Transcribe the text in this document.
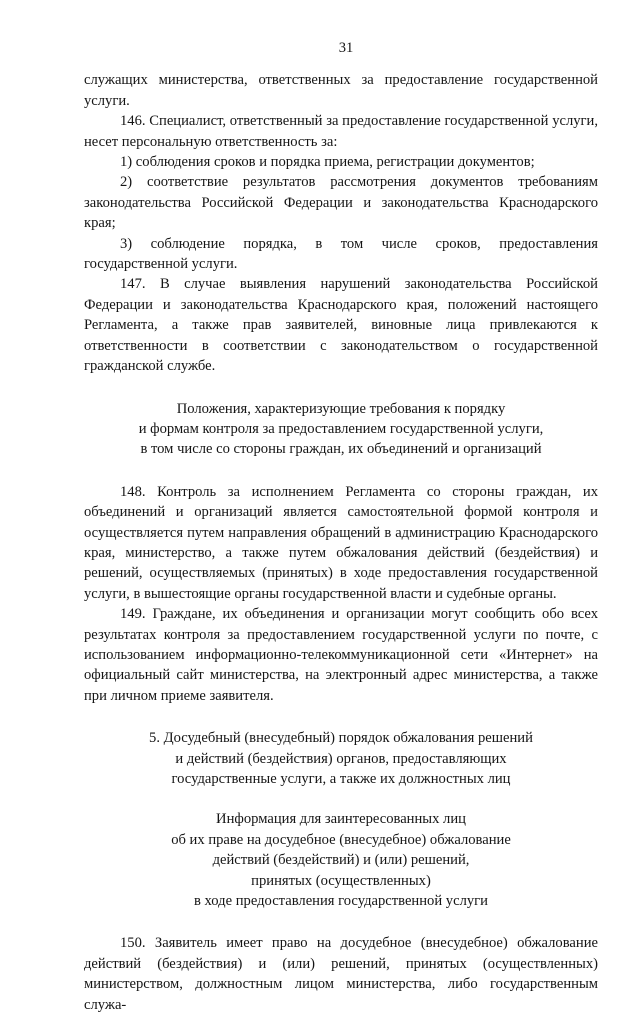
31

служащих министерства, ответственных за предоставление государственной услуги.

146. Специалист, ответственный за предоставление государственной услуги, несет персональную ответственность за:

1) соблюдения сроков и порядка приема, регистрации документов;

2) соответствие результатов рассмотрения документов требованиям законодательства Российской Федерации и законодательства Краснодарского края;

3) соблюдение порядка, в том числе сроков, предоставления государственной услуги.

147. В случае выявления нарушений законодательства Российской Федерации и законодательства Краснодарского края, положений настоящего Регламента, а также прав заявителей, виновные лица привлекаются к ответственности в соответствии с законодательством о государственной гражданской службе.

Положения, характеризующие требования к порядку
и формам контроля за предоставлением государственной услуги,
в том числе со стороны граждан, их объединений и организаций

148. Контроль за исполнением Регламента со стороны граждан, их объединений и организаций является самостоятельной формой контроля и осуществляется путем направления обращений в администрацию Краснодарского края, министерство, а также путем обжалования действий (бездействия) и решений, осуществляемых (принятых) в ходе предоставления государственной услуги, в вышестоящие органы государственной власти и судебные органы.

149. Граждане, их объединения и организации могут сообщить обо всех результатах контроля за предоставлением государственной услуги по почте, с использованием информационно-телекоммуникационной сети «Интернет» на официальный сайт министерства, на электронный адрес министерства, а также при личном приеме заявителя.

5. Досудебный (внесудебный) порядок обжалования решений
и действий (бездействия) органов, предоставляющих
государственные услуги, а также их должностных лиц
Информация для заинтересованных лиц
об их праве на досудебное (внесудебное) обжалование
действий (бездействий) и (или) решений,
принятых (осуществленных)
в ходе предоставления государственной услуги

150. Заявитель имеет право на досудебное (внесудебное) обжалование действий (бездействия) и (или) решений, принятых (осуществленных) министерством, должностным лицом министерства, либо государственным служа-
